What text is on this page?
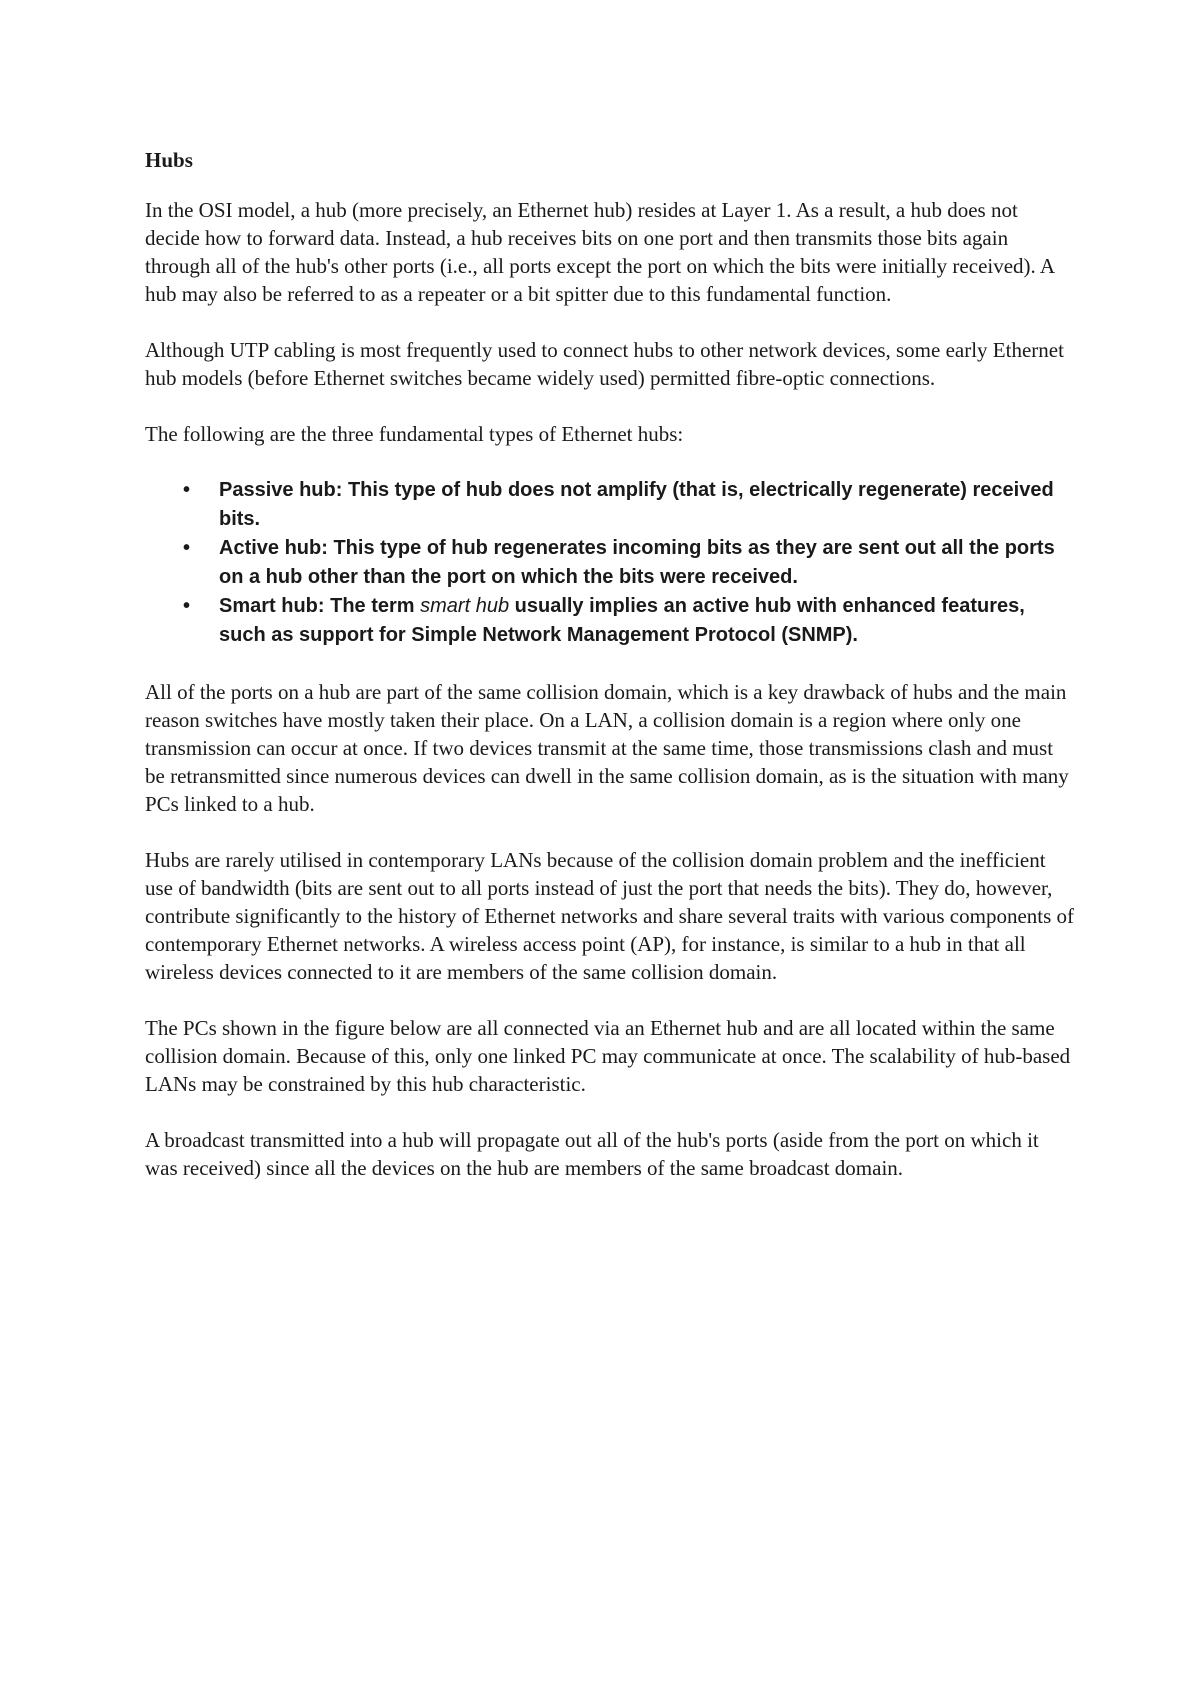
Hubs

In the OSI model, a hub (more precisely, an Ethernet hub) resides at Layer 1. As a result, a hub does not decide how to forward data. Instead, a hub receives bits on one port and then transmits those bits again through all of the hub's other ports (i.e., all ports except the port on which the bits were initially received). A hub may also be referred to as a repeater or a bit spitter due to this fundamental function.

Although UTP cabling is most frequently used to connect hubs to other network devices, some early Ethernet hub models (before Ethernet switches became widely used) permitted fibre-optic connections.

The following are the three fundamental types of Ethernet hubs:

• Passive hub: This type of hub does not amplify (that is, electrically regenerate) received bits.
• Active hub: This type of hub regenerates incoming bits as they are sent out all the ports on a hub other than the port on which the bits were received.
• Smart hub: The term smart hub usually implies an active hub with enhanced features, such as support for Simple Network Management Protocol (SNMP).

All of the ports on a hub are part of the same collision domain, which is a key drawback of hubs and the main reason switches have mostly taken their place. On a LAN, a collision domain is a region where only one transmission can occur at once. If two devices transmit at the same time, those transmissions clash and must be retransmitted since numerous devices can dwell in the same collision domain, as is the situation with many PCs linked to a hub.

Hubs are rarely utilised in contemporary LANs because of the collision domain problem and the inefficient use of bandwidth (bits are sent out to all ports instead of just the port that needs the bits). They do, however, contribute significantly to the history of Ethernet networks and share several traits with various components of contemporary Ethernet networks. A wireless access point (AP), for instance, is similar to a hub in that all wireless devices connected to it are members of the same collision domain.

The PCs shown in the figure below are all connected via an Ethernet hub and are all located within the same collision domain. Because of this, only one linked PC may communicate at once. The scalability of hub-based LANs may be constrained by this hub characteristic.

A broadcast transmitted into a hub will propagate out all of the hub's ports (aside from the port on which it was received) since all the devices on the hub are members of the same broadcast domain.
